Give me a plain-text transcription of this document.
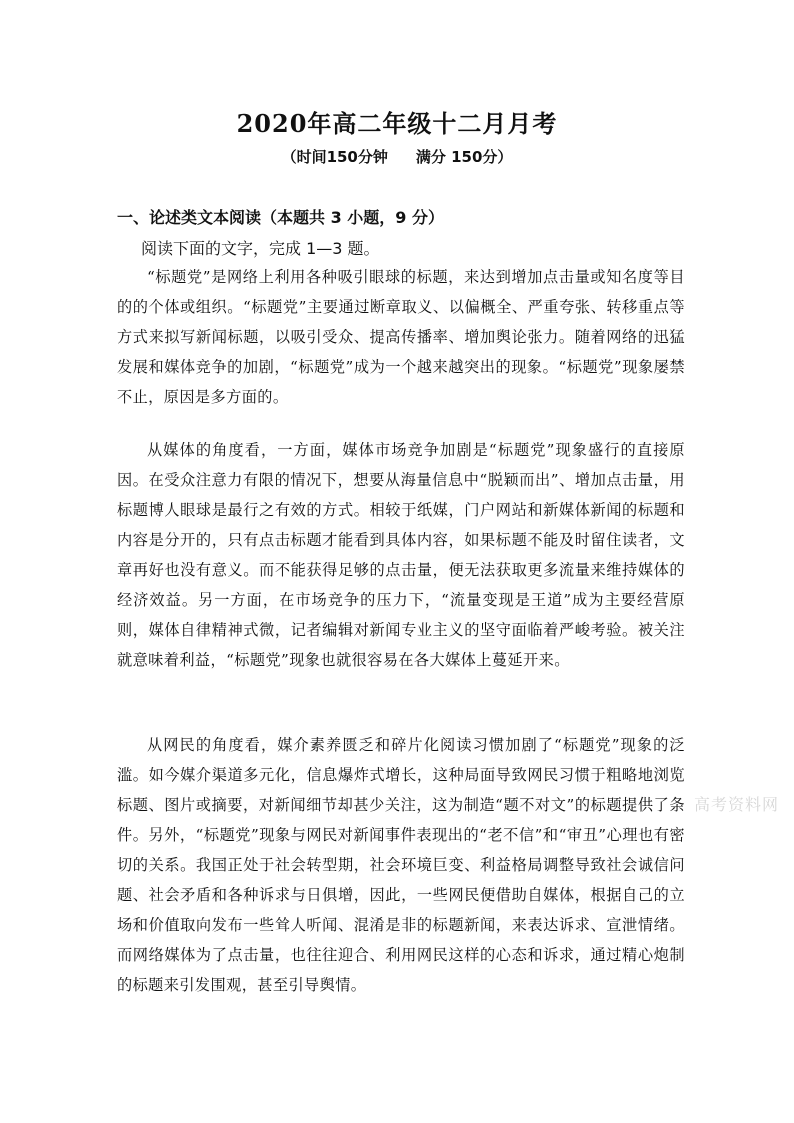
2020年高二年级十二月月考
（时间150分钟 满分 150分）
一、论述类文本阅读（本题共 3 小题，9 分）
阅读下面的文字，完成 1—3 题。
“标题党”是网络上利用各种吸引眼球的标题，来达到增加点击量或知名度等目的的个体或组织。“标题党”主要通过断章取义、以偏概全、严重夸张、转移重点等方式来拟写新闻标题，以吸引受众、提高传播率、增加舆论张力。随着网络的迅猛发展和媒体竞争的加剧，“标题党”成为一个越来越突出的现象。“标题党”现象屡禁不止，原因是多方面的。
从媒体的角度看，一方面，媒体市场竞争加剧是“标题党”现象盛行的直接原因。在受众注意力有限的情况下，想要从海量信息中“脱颖而出”、增加点击量，用标题博人眼球是最行之有效的方式。相较于纸媒，门户网站和新媒体新闻的标题和内容是分开的，只有点击标题才能看到具体内容，如果标题不能及时留住读者，文章再好也没有意义。而不能获得足够的点击量，便无法获取更多流量来维持媒体的经济效益。另一方面，在市场竞争的压力下，“流量变现是王道”成为主要经营原则，媒体自律精神式微，记者编辑对新闻专业主义的坚守面临着严峻考验。被关注就意味着利益，“标题党”现象也就很容易在各大媒体上蔓延开来。
从网民的角度看，媒介素养匮乏和碎片化阅读习惯加剧了“标题党”现象的泛滥。如今媒介渠道多元化，信息爆炸式增长，这种局面导致网民习惯于粗略地浏览标题、图片或摘要，对新闻细节却甚少关注，这为制造“题不对文”的标题提供了条件。另外，“标题党”现象与网民对新闻事件表现出的“老不信”和“审丑”心理也有密切的关系。我国正处于社会转型期，社会环境巨变、利益格局调整导致社会诚信问题、社会矛盾和各种诉求与日俱增，因此，一些网民便借助自媒体，根据自己的立场和价值取向发布一些耸人听闻、混淆是非的标题新闻，来表达诉求、宣泄情绪。而网络媒体为了点击量，也往往迎合、利用网民这样的心态和诉求，通过精心炮制的标题来引发围观，甚至引导舆情。
高考资料网
